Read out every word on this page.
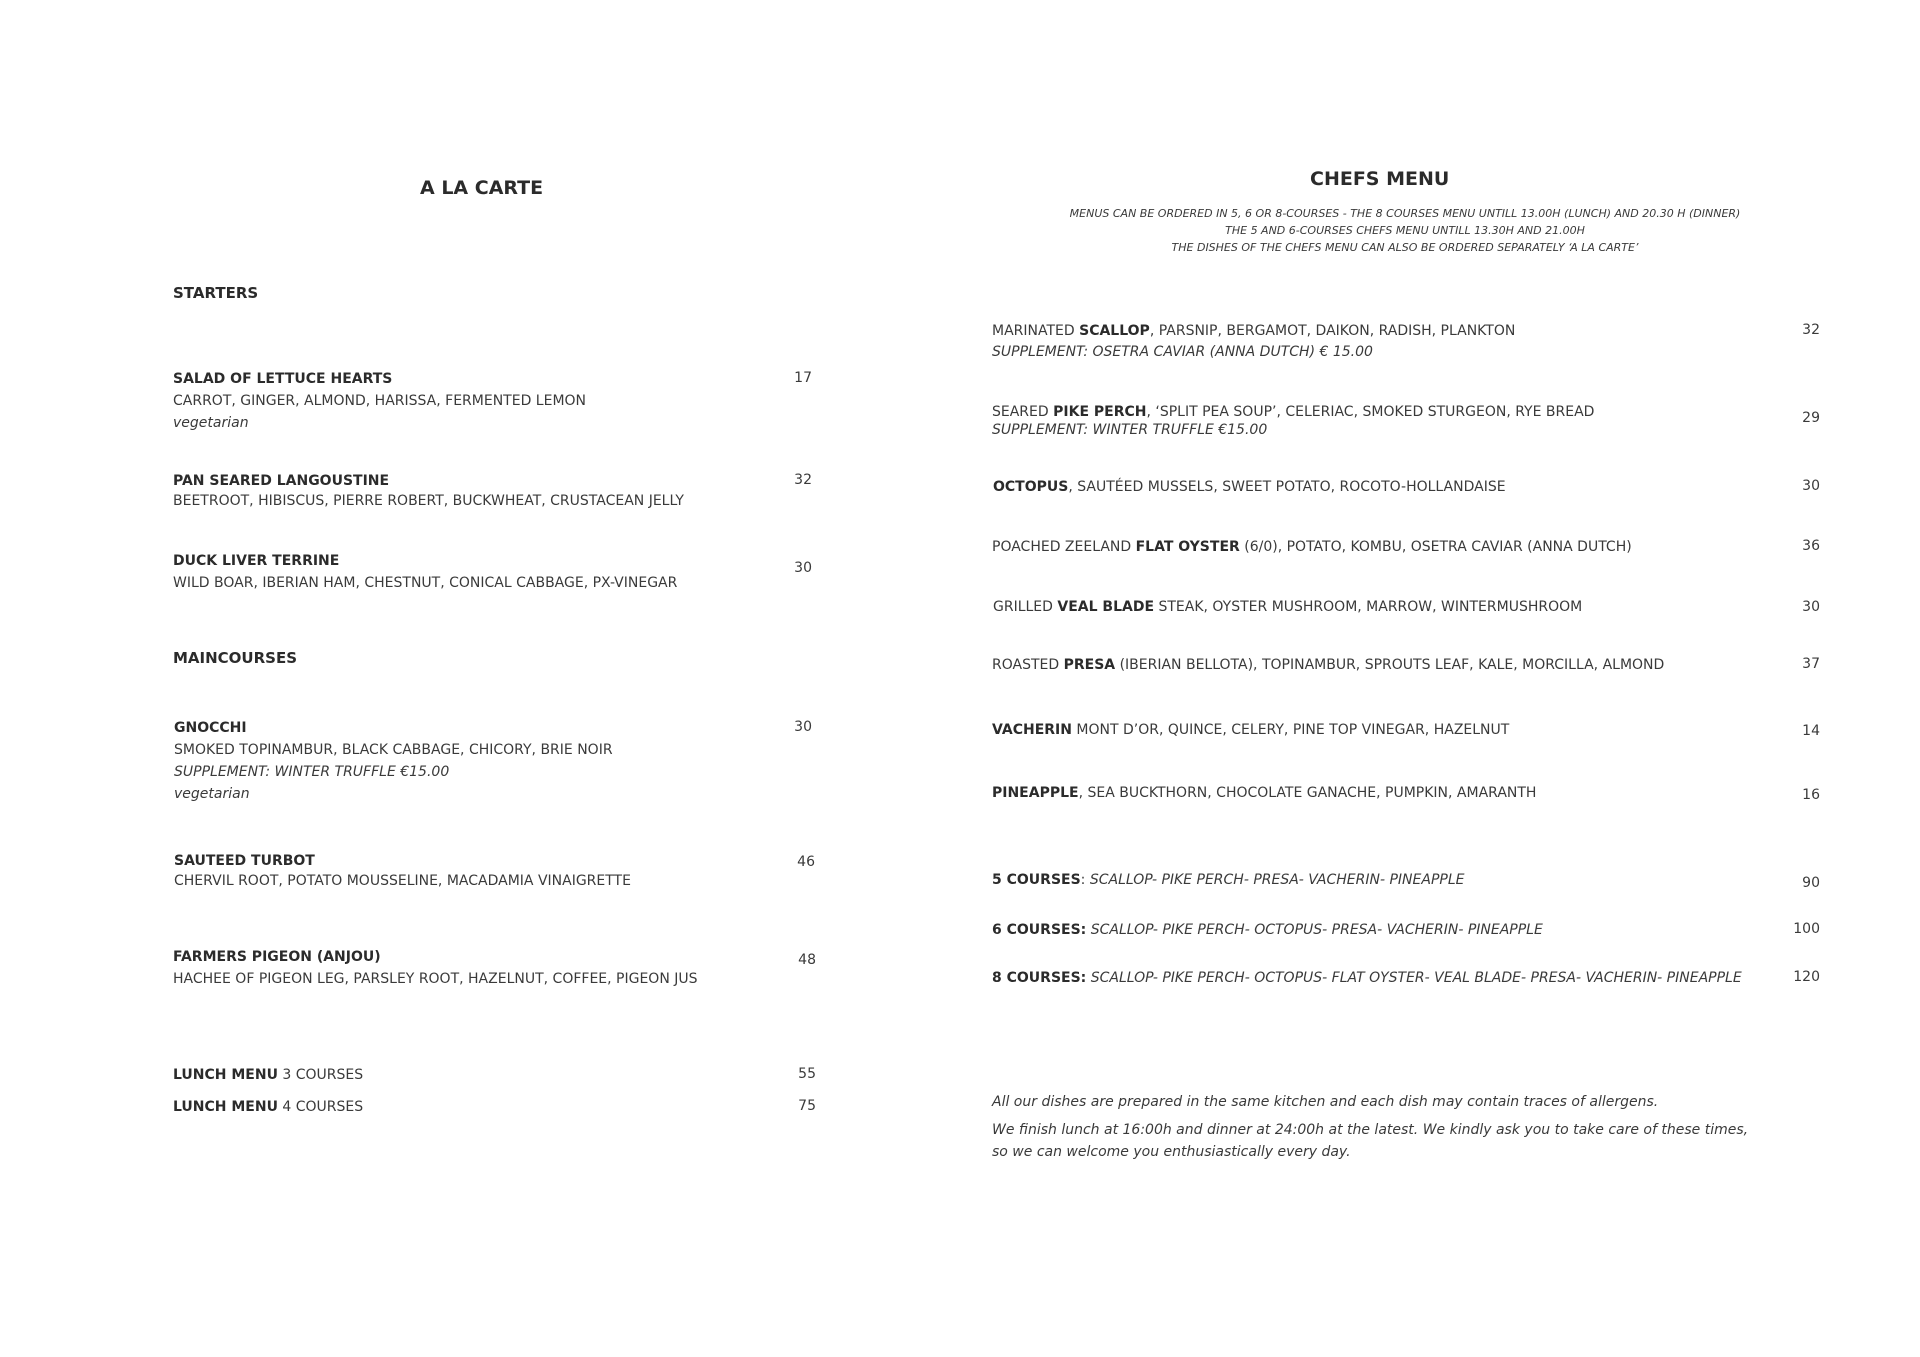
A LA CARTE
STARTERS
SALAD OF LETTUCE HEARTS
CARROT, GINGER, ALMOND, HARISSA, FERMENTED LEMON
vegetarian
17
PAN SEARED LANGOUSTINE
BEETROOT, HIBISCUS, PIERRE ROBERT, BUCKWHEAT, CRUSTACEAN JELLY
32
DUCK LIVER TERRINE
WILD BOAR, IBERIAN HAM, CHESTNUT, CONICAL CABBAGE, PX-VINEGAR
30
MAINCOURSES
GNOCCHI
SMOKED TOPINAMBUR, BLACK CABBAGE, CHICORY, BRIE NOIR
SUPPLEMENT: WINTER TRUFFLE €15.00
vegetarian
30
SAUTEED TURBOT
CHERVIL ROOT, POTATO MOUSSELINE, MACADAMIA VINAIGRETTE
46
FARMERS PIGEON (ANJOU)
HACHEE OF PIGEON LEG, PARSLEY ROOT, HAZELNUT, COFFEE, PIGEON JUS
48
LUNCH MENU 3 COURSES	55
LUNCH MENU 4 COURSES	75
CHEFS MENU
MENUS CAN BE ORDERED IN 5, 6 OR 8-COURSES - THE 8 COURSES MENU UNTILL 13.00H (LUNCH) AND 20.30 H (DINNER)
THE 5 AND 6-COURSES CHEFS MENU UNTILL 13.30H AND 21.00H
THE DISHES OF THE CHEFS MENU CAN ALSO BE ORDERED SEPARATELY ‘A LA CARTE’
MARINATED SCALLOP, PARSNIP, BERGAMOT, DAIKON, RADISH, PLANKTON
SUPPLEMENT: OSETRA CAVIAR (ANNA DUTCH) € 15.00
32
SEARED PIKE PERCH, ‘SPLIT PEA SOUP’, CELERIAC, SMOKED STURGEON, RYE BREAD
SUPPLEMENT: WINTER TRUFFLE €15.00
29
OCTOPUS, SAUTÉED MUSSELS, SWEET POTATO, ROCOTO-HOLLANDAISE	30
POACHED ZEELAND FLAT OYSTER (6/0), POTATO, KOMBU, OSETRA CAVIAR (ANNA DUTCH)	36
GRILLED VEAL BLADE STEAK, OYSTER MUSHROOM, MARROW, WINTERMUSHROOM	30
ROASTED PRESA (IBERIAN BELLOTA), TOPINAMBUR, SPROUTS LEAF, KALE, MORCILLA, ALMOND	37
VACHERIN MONT D’OR, QUINCE, CELERY, PINE TOP VINEGAR, HAZELNUT	14
PINEAPPLE, SEA BUCKTHORN, CHOCOLATE GANACHE, PUMPKIN, AMARANTH	16
5 COURSES: SCALLOP- PIKE PERCH- PRESA- VACHERIN- PINEAPPLE	90
6 COURSES: SCALLOP- PIKE PERCH- OCTOPUS- PRESA- VACHERIN- PINEAPPLE	100
8 COURSES: SCALLOP- PIKE PERCH- OCTOPUS- FLAT OYSTER- VEAL BLADE- PRESA- VACHERIN- PINEAPPLE	120
All our dishes are prepared in the same kitchen and each dish may contain traces of allergens.
We finish lunch at 16:00h and dinner at 24:00h at the latest. We kindly ask you to take care of these times,
so we can welcome you enthusiastically every day.
